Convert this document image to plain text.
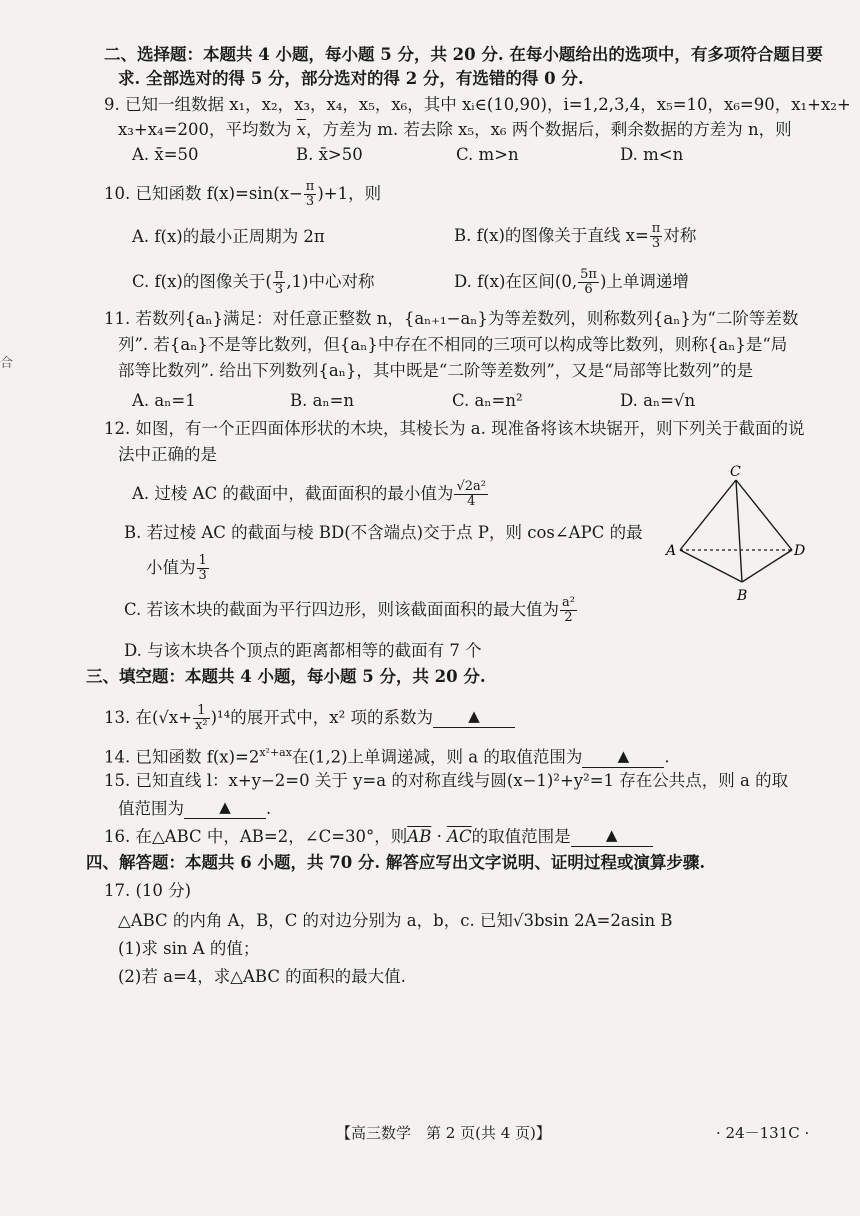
二、选择题：本题共 4 小题，每小题 5 分，共 20 分. 在每小题给出的选项中，有多项符合题目要
求. 全部选对的得 5 分，部分选对的得 2 分，有选错的得 0 分.
9. 已知一组数据 x₁，x₂，x₃，x₄，x₅，x₆，其中 xᵢ∈(10,90)，i=1,2,3,4，x₅=10，x₆=90，x₁+x₂+
x₃+x₄=200，平均数为 $\overline{x}$，方差为 m. 若去除 x₅，x₆ 两个数据后，剩余数据的方差为 n，则
A. x̄=50	B. x̄>50	C. m>n	D. m<n
10. 已知函数 $f(x)=\sin(x- \frac{\pi}{3} )+1$，则
A. f(x)的最小正周期为 2π	B. f(x)的图像关于直线 $x= \frac{\pi}{3}$ 对称
C. f(x)的图像关于( $\frac{\pi}{3} ,1$)中心对称	D. f(x)在区间(0, $\frac{5\pi}{6}$ )上单调递增
11. 若数列{aₙ}满足：对任意正整数 n，{aₙ₊₁−aₙ}为等差数列，则称数列{aₙ}为“二阶等差数
列”. 若{aₙ}不是等比数列，但{aₙ}中存在不相同的三项可以构成等比数列，则称{aₙ}是“局
部等比数列”. 给出下列数列{aₙ}，其中既是“二阶等差数列”，又是“局部等比数列”的是
A. aₙ=1	B. aₙ=n	C. aₙ=n²	D. aₙ=√n
12. 如图，有一个正四面体形状的木块，其棱长为 a. 现准备将该木块锯开，则下列关于截面的说
法中正确的是
A. 过棱 AC 的截面中，截面面积的最小值为 $\frac{\text{√2a²}}{4}$
B. 若过棱 AC 的截面与棱 BD(不含端点)交于点 P，则 cos∠APC 的最
小值为 $\frac{1}{3}$
C. 若该木块的截面为平行四边形，则该截面面积的最大值为 $\frac{\text{a²}}{2}$
D. 与该木块各个顶点的距离都相等的截面有 7 个
C
A	D
B
三、填空题：本题共 4 小题，每小题 5 分，共 20 分.
13. 在$(√x+ \frac{1}{\text{x²}} )^{14}$的展开式中，x² 项的系数为 ▲
14. 已知函数 $f(x)=2^{x^2+ax}$在(1,2)上单调递减，则 a 的取值范围为 ▲ .
15. 已知直线 l：x+y−2=0 关于 y=a 的对称直线与圆(x−1)²+y²=1 存在公共点，则 a 的取
值范围为 ▲ .
16. 在△ABC 中，AB=2，∠C=30°，则$\overline{AB} \cdot \overline{AC}$的取值范围是 ▲
四、解答题：本题共 6 小题，共 70 分. 解答应写出文字说明、证明过程或演算步骤.
17. (10 分)
△ABC 的内角 A，B，C 的对边分别为 a，b，c. 已知√3bsin 2A=2asin B
(1)求 sin A 的值；
(2)若 a=4，求△ABC 的面积的最大值.
【高三数学　第 2 页(共 4 页)】	· 24－131C ·
合
